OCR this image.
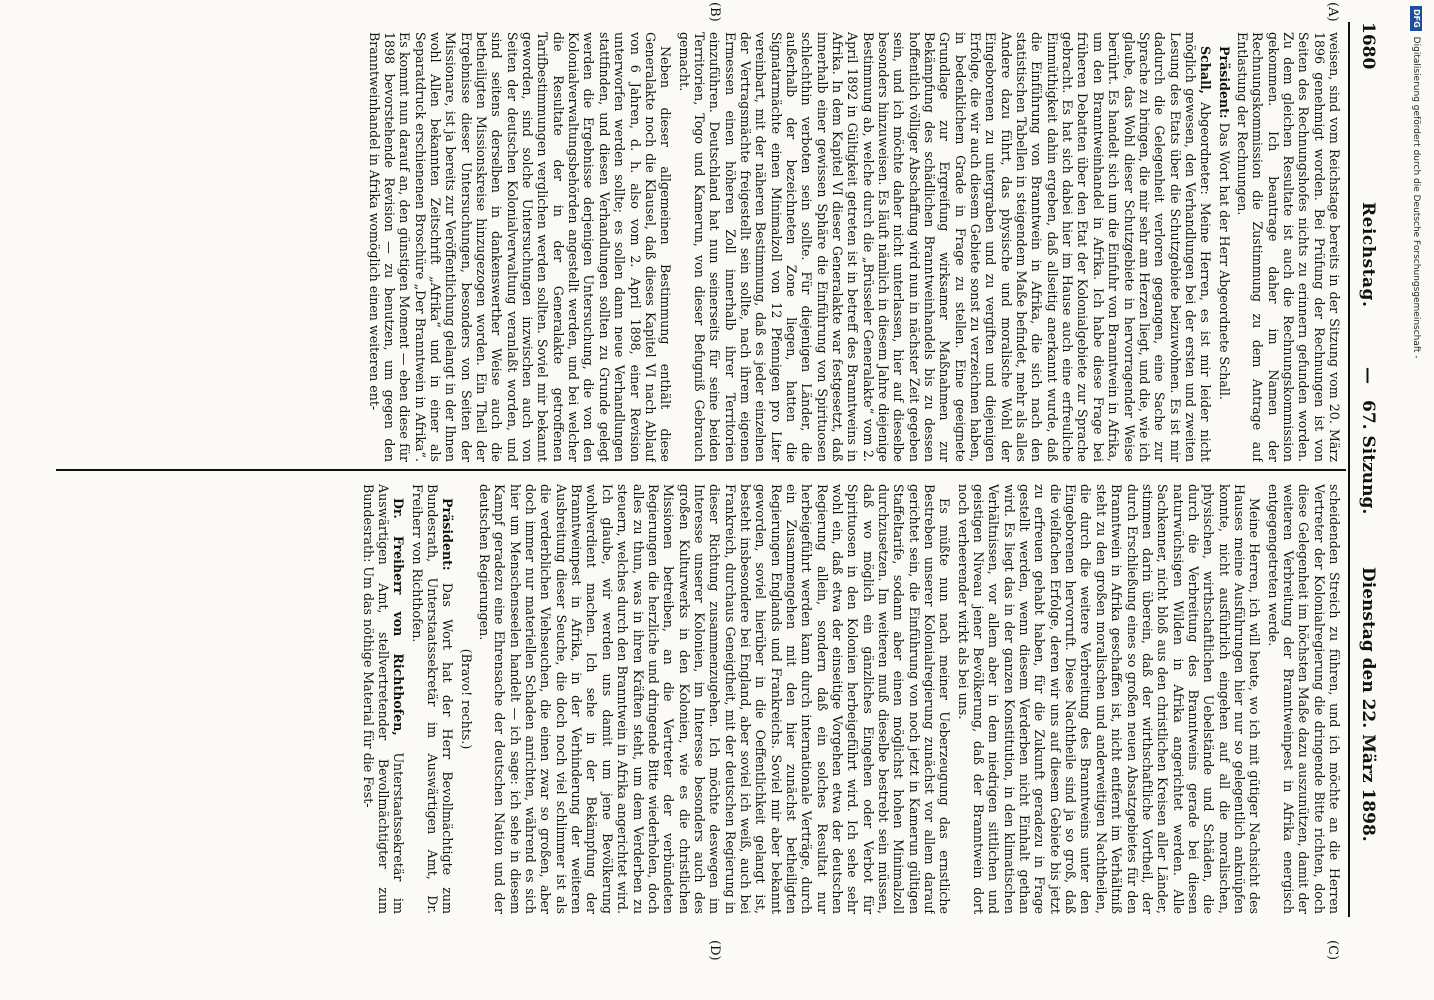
1680
Reichstag.
—
67. Sitzung.
Dienstag den 22. März 1898.
(A)
(B)
(C)
(D)

weisen, sind vom Reichstage bereits in der Sitzung vom 20. März 1896 genehmigt worden. Bei Prüfung der Rechnungen ist von Seiten des Rechnungshofes nichts zu erinnern gefunden worden. Zu dem gleichen Resultate ist auch die Rechnungskommission gekommen. Ich beantrage daher im Namen der Rechnungskommission die Zustimmung zu dem Antrage auf Entlastung der Rechnungen.

Präsident: Das Wort hat der Herr Abgeordnete Schall.

Schall, Abgeordneter: Meine Herren, es ist mir leider nicht möglich gewesen, den Verhandlungen bei der ersten und zweiten Lesung des Etats über die Schutzgebiete beizuwohnen. Es ist mir dadurch die Gelegenheit verloren gegangen, eine Sache zur Sprache zu bringen, die mir sehr am Herzen liegt, und die, wie ich glaube, das Wohl dieser Schutzgebiete in hervorragender Weise berührt. Es handelt sich um die Einfuhr von Branntwein in Afrika, um den Branntweinhandel in Afrika. Ich habe diese Frage bei früheren Debatten über den Etat der Kolonialgebiete zur Sprache gebracht. Es hat sich dabei hier im Hause auch eine erfreuliche Einmüthigkeit dahin ergeben, daß allseitig anerkannt wurde, daß die Einführung von Branntwein in Afrika, die sich nach den statistischen Tabellen in steigendem Maße befindet, mehr als alles Andere dazu führt, das physische und moralische Wohl der Eingeborenen zu untergraben und zu vergiften und diejenigen Erfolge, die wir auch diesem Gebiete sonst zu verzeichnen haben, in bedenklichem Grade in Frage zu stellen. Eine geeignete Grundlage zur Ergreifung wirksamer Maßnahmen zur Bekämpfung des schädlichen Branntweinhandels bis zu dessen hoffentlich völliger Abschaffung wird nun in nächster Zeit gegeben sein, und ich möchte daher nicht unterlassen, hier auf dieselbe besonders hinzuweisen. Es läuft nämlich in diesem Jahre diejenige Bestimmung ab, welche durch die „Brüsseler Generalakte“ vom 2. April 1892 in Gültigkeit getreten ist in betreff des Branntweins in Afrika. In dem Kapitel VI dieser Generalakte war festgesetzt, daß innerhalb einer gewissen Sphäre die Einführung von Spirituosen schlechthin verboten sein sollte. Für diejenigen Länder, die außerhalb der bezeichneten Zone liegen, hatten die Signatarmächte einen Minimalzoll von 12 Pfennigen pro Liter vereinbart, mit der näheren Bestimmung, daß es jeder einzelnen der Vertragsmächte freigestellt sein sollte, nach ihrem eigenen Ermessen einen höheren Zoll innerhalb ihrer Territorien einzuführen. Deutschland hat nun seinerseits für seine beiden Territorien, Togo und Kamerun, von dieser Befugniß Gebrauch gemacht.

Neben dieser allgemeinen Bestimmung enthält diese Generalakte noch die Klausel, daß dieses Kapitel VI nach Ablauf von 6 Jahren, d. h. also vom 2. April 1898, einer Revision unterworfen werden sollte; es sollen dann neue Verhandlungen stattfinden, und diesen Verhandlungen sollten zu Grunde gelegt werden die Ergebnisse derjenigen Untersuchung, die von den Kolonialverwaltungsbehörden angestellt werden, und bei welcher die Resultate der in der Generalakte getroffenen Tarifbestimmungen verglichen werden sollten. Soviel mir bekannt geworden, sind solche Untersuchungen inzwischen auch von Seiten der deutschen Kolonialverwaltung veranlaßt worden, und sind seitens derselben in dankenswerther Weise auch die betheiligten Missionskreise hinzugezogen worden. Ein Theil der Ergebnisse dieser Untersuchungen, besonders von Seiten der Missionare, ist ja bereits zur Veröffentlichung gelangt in der Ihnen wohl Allen bekannten Zeitschrift „Afrika“ und in einer als Separatdruck erschienenen Broschüre „Der Branntwein in Afrika“. Es kommt nun darauf an, den günstigen Moment — eben diese für 1898 bevorstehende Revision — zu benutzen, um gegen den Branntweinhandel in Afrika womöglich einen weiteren ent-

scheidenden Streich zu führen, und ich möchte an die Herren Vertreter der Kolonialregierung die dringende Bitte richten, doch diese Gelegenheit im höchsten Maße dazu auszunützen, damit der weiteren Verbreitung der Branntweinpest in Afrika energisch entgegengetreten werde.

Meine Herren, ich will heute, wo ich mit gütiger Nachsicht des Hauses meine Ausführungen hier nur so gelegentlich anknüpfen konnte, nicht ausführlich eingehen auf all die moralischen, physischen, wirthschaftlichen Uebelstände und Schäden, die durch die Verbreitung des Branntweins gerade bei diesen naturwüchsigen Wilden in Afrika angerichtet werden. Alle Sachkenner, nicht bloß aus den christlichen Kreisen aller Länder, stimmen darin überein, daß der wirthschaftliche Vortheil, der durch Erschließung eines so großen neuen Absatzgebietes für den Branntwein in Afrika geschaffen ist, nicht entfernt im Verhältniß steht zu den großen moralischen und anderweitigen Nachtheilen, die durch die weitere Verbreitung des Branntweins unter den Eingeborenen hervorruft. Diese Nachtheile sind ja so groß, daß die vielfachen Erfolge, deren wir uns auf diesem Gebiete bis jetzt zu erfreuen gehabt haben, für die Zukunft geradezu in Frage gestellt werden, wenn diesem Verderben nicht Einhalt gethan wird. Es liegt das in der ganzen Konstitution, in den klimatischen Verhältnissen, vor allem aber in dem niedrigen sittlichen und geistigen Niveau jener Bevölkerung, daß der Branntwein dort noch verheerender wirkt als bei uns.

Es müßte nun nach meiner Ueberzeugung das ernstliche Bestreben unserer Kolonialregierung zunächst vor allem darauf gerichtet sein, die Einführung von noch jetzt in Kamerun gültigen Staffeltarife, sodann aber einen möglichst hohen Minimalzoll durchzusetzen. Im weiteren muß dieselbe bestrebt sein müssen, daß wo möglich ein gänzliches Eingehen oder Verbot für Spirituosen in den Kolonien herbeigeführt wird. Ich sehe sehr wohl ein, daß etwa der einseitige Vorgehen etwa der deutschen Regierung allein, sondern daß ein solches Resultat nur herbeigeführt werden kann durch internationale Verträge, durch ein Zusammengehen mit den hier zunächst betheiligten Regierungen Englands und Frankreichs. Soviel mir aber bekannt geworden, soviel hierüber in die Oeffentlichkeit gelangt ist, besteht insbesondere bei England, aber soviel ich weiß, auch bei Frankreich, durchaus Geneigtheit, mit der deutschen Regierung in dieser Richtung zusammenzugehen. Ich möchte deswegen im Interesse unserer Kolonien, im Interesse besonders auch des großen Kulturwerks in den Kolonien, wie es die christlichen Missionen betreiben, an die Vertreter der verbündeten Regierungen die herzliche und dringende Bitte wiederholen, doch alles zu thun, was in ihren Kräften steht, um dem Verderben zu steuern, welches durch den Branntwein in Afrika angerichtet wird. Ich glaube, wir werden uns damit um jene Bevölkerung wohlverdient machen. Ich sehe in der Bekämpfung der Branntweinpest in Afrika, in der Verhinderung der weiteren Ausbreitung dieser Seuche, die doch noch viel schlimmer ist als die verderblichen Viehseuchen, die einen zwar so großen, aber doch immer nur materiellen Schaden anrichten, während es sich hier um Menschenseelen handelt — ich sage: ich sehe in diesem Kampf geradezu eine Ehrensache der deutschen Nation und der deutschen Regierungen.

(Bravo! rechts.)

Präsident: Das Wort hat der Herr Bevollmächtigte zum Bundesrath, Unterstaatssekretär im Auswärtigen Amt, Dr. Freiherr von Richthofen.

Dr. Freiherr von Richthofen, Unterstaatssekretär im Auswärtigen Amt, stellvertretender Bevollmächtigter zum Bundesrath: Um das nöthige Material für die Fest-

DFGDigitalisierung gefördert durch die Deutsche Forschungsgemeinschaft -
